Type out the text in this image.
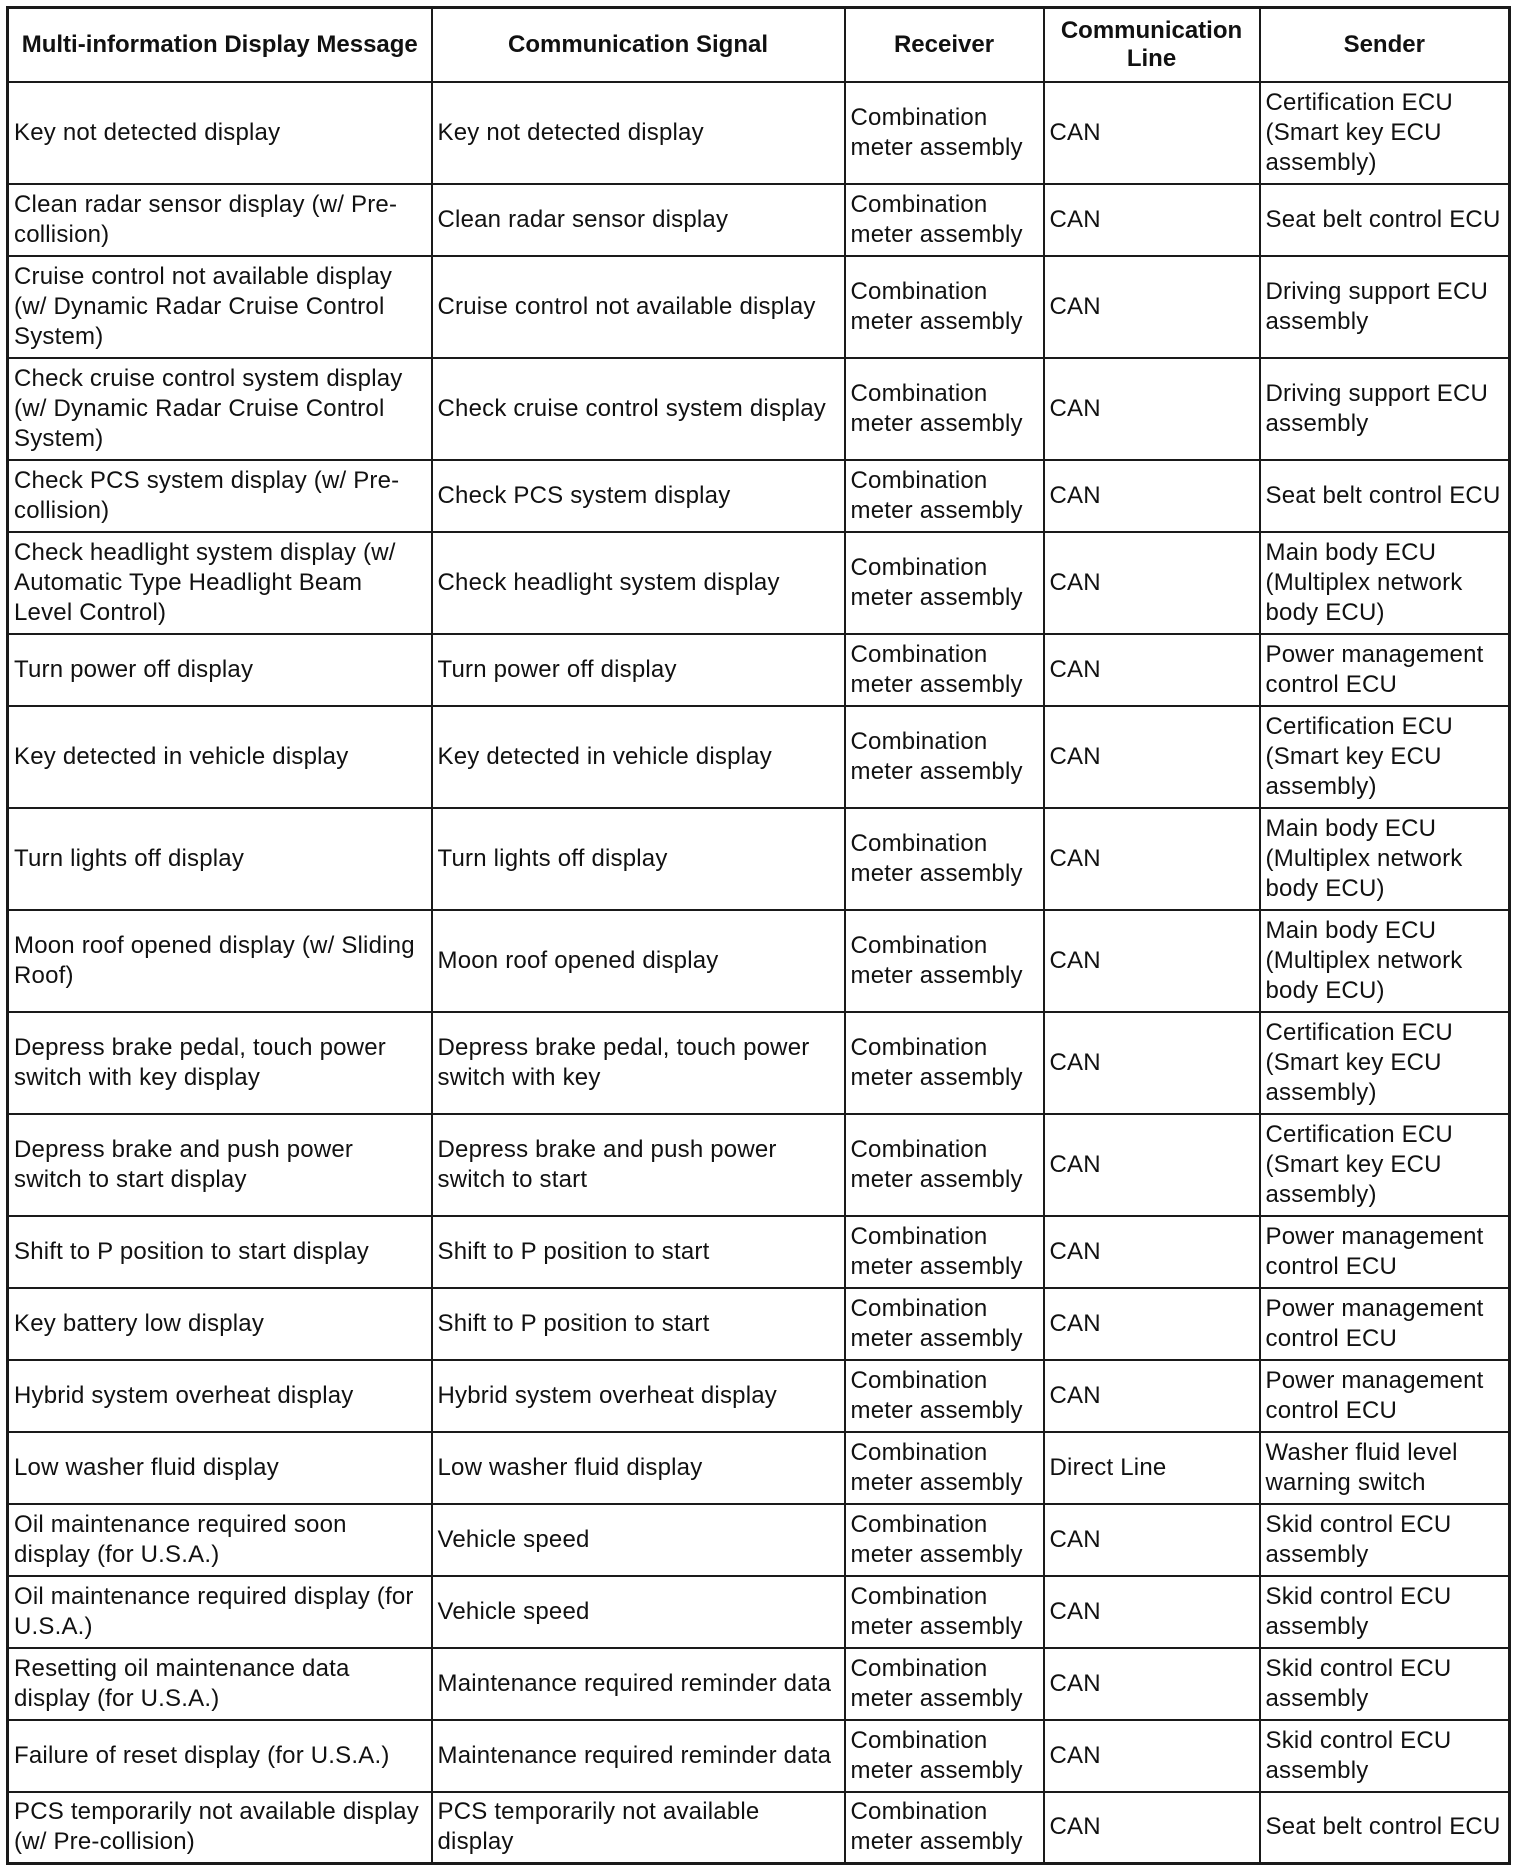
Multi-information Display Message	Communication Signal	Receiver	Communication Line	Sender
Key not detected display	Key not detected display	Combination meter assembly	CAN	Certification ECU (Smart key ECU assembly)
Clean radar sensor display (w/ Pre-collision)	Clean radar sensor display	Combination meter assembly	CAN	Seat belt control ECU
Cruise control not available display (w/ Dynamic Radar Cruise Control System)	Cruise control not available display	Combination meter assembly	CAN	Driving support ECU assembly
Check cruise control system display (w/ Dynamic Radar Cruise Control System)	Check cruise control system display	Combination meter assembly	CAN	Driving support ECU assembly
Check PCS system display (w/ Pre-collision)	Check PCS system display	Combination meter assembly	CAN	Seat belt control ECU
Check headlight system display (w/ Automatic Type Headlight Beam Level Control)	Check headlight system display	Combination meter assembly	CAN	Main body ECU (Multiplex network body ECU)
Turn power off display	Turn power off display	Combination meter assembly	CAN	Power management control ECU
Key detected in vehicle display	Key detected in vehicle display	Combination meter assembly	CAN	Certification ECU (Smart key ECU assembly)
Turn lights off display	Turn lights off display	Combination meter assembly	CAN	Main body ECU (Multiplex network body ECU)
Moon roof opened display (w/ Sliding Roof)	Moon roof opened display	Combination meter assembly	CAN	Main body ECU (Multiplex network body ECU)
Depress brake pedal, touch power switch with key display	Depress brake pedal, touch power switch with key	Combination meter assembly	CAN	Certification ECU (Smart key ECU assembly)
Depress brake and push power switch to start display	Depress brake and push power switch to start	Combination meter assembly	CAN	Certification ECU (Smart key ECU assembly)
Shift to P position to start display	Shift to P position to start	Combination meter assembly	CAN	Power management control ECU
Key battery low display	Shift to P position to start	Combination meter assembly	CAN	Power management control ECU
Hybrid system overheat display	Hybrid system overheat display	Combination meter assembly	CAN	Power management control ECU
Low washer fluid display	Low washer fluid display	Combination meter assembly	Direct Line	Washer fluid level warning switch
Oil maintenance required soon display (for U.S.A.)	Vehicle speed	Combination meter assembly	CAN	Skid control ECU assembly
Oil maintenance required display (for U.S.A.)	Vehicle speed	Combination meter assembly	CAN	Skid control ECU assembly
Resetting oil maintenance data display (for U.S.A.)	Maintenance required reminder data	Combination meter assembly	CAN	Skid control ECU assembly
Failure of reset display (for U.S.A.)	Maintenance required reminder data	Combination meter assembly	CAN	Skid control ECU assembly
PCS temporarily not available display (w/ Pre-collision)	PCS temporarily not available display	Combination meter assembly	CAN	Seat belt control ECU
